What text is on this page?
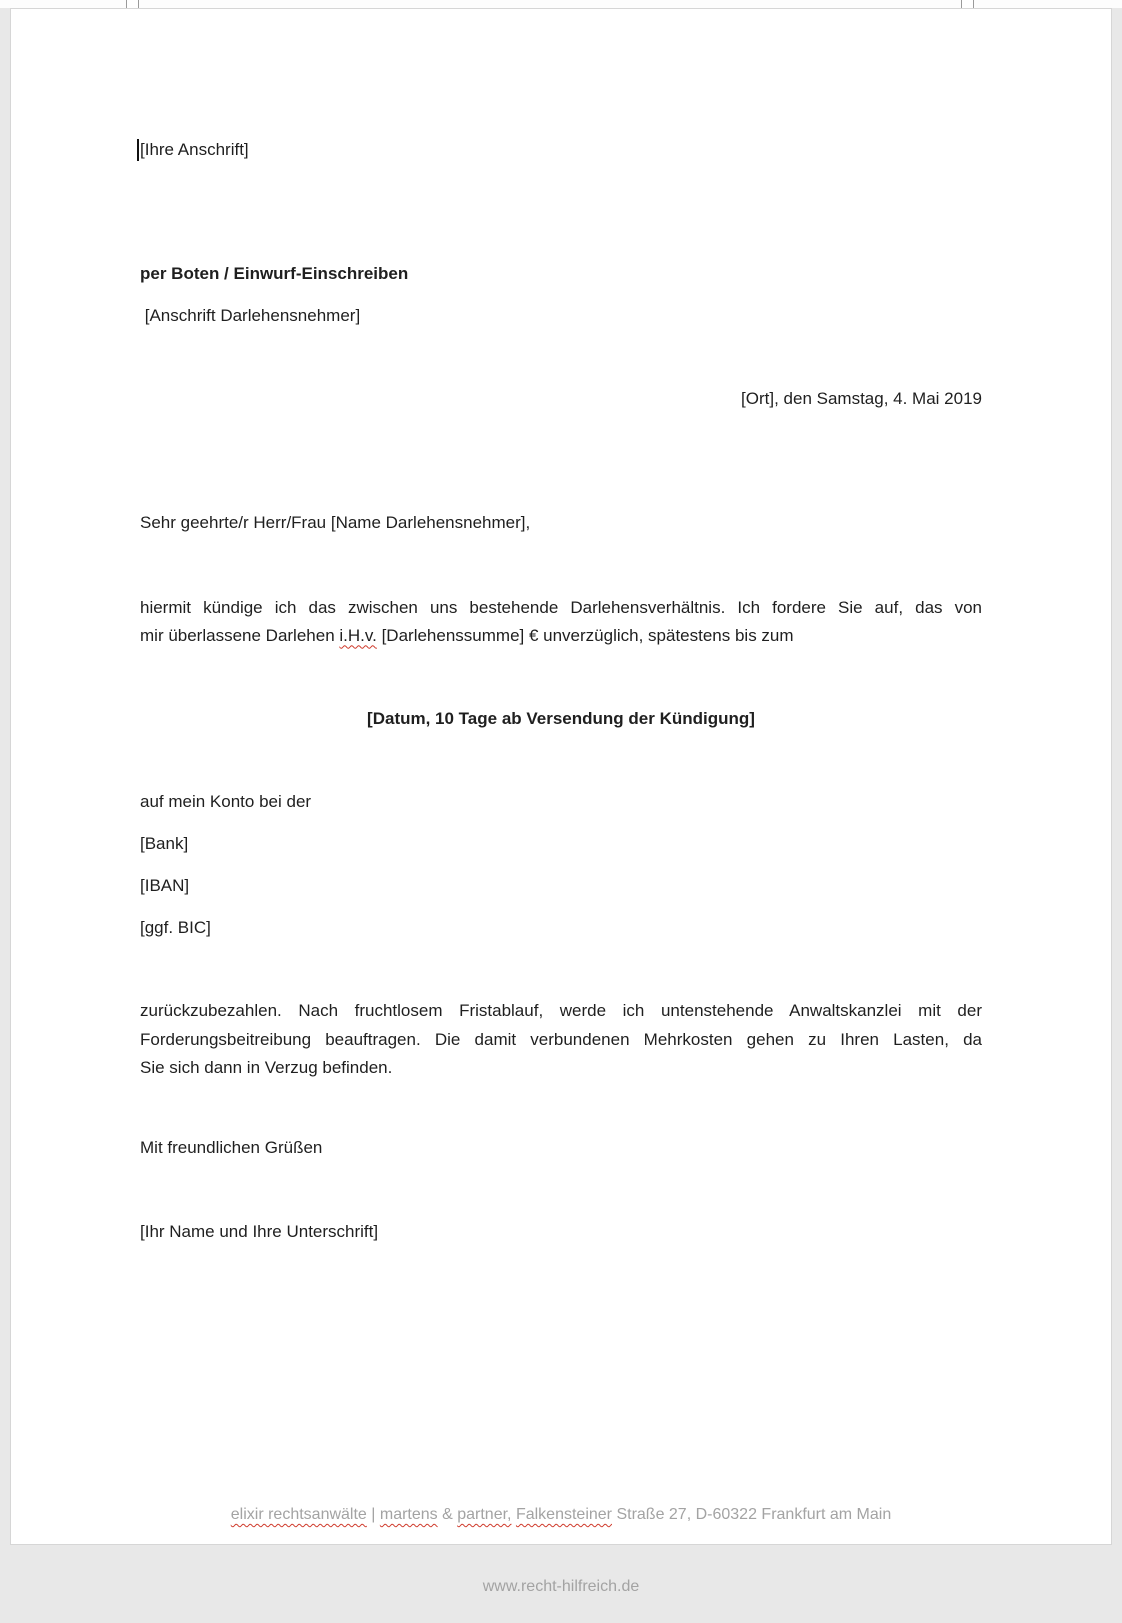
[Ihre Anschrift]
per Boten / Einwurf-Einschreiben
[Anschrift Darlehensnehmer]
[Ort], den Samstag, 4. Mai 2019
Sehr geehrte/r Herr/Frau [Name Darlehensnehmer],
hiermit kündige ich das zwischen uns bestehende Darlehensverhältnis. Ich fordere Sie auf, das von
mir überlassene Darlehen i.H.v. [Darlehenssumme] € unverzüglich, spätestens bis zum
[Datum, 10 Tage ab Versendung der Kündigung]
auf mein Konto bei der
[Bank]
[IBAN]
[ggf. BIC]
zurückzubezahlen. Nach fruchtlosem Fristablauf, werde ich untenstehende Anwaltskanzlei mit der
Forderungsbeitreibung beauftragen. Die damit verbundenen Mehrkosten gehen zu Ihren Lasten, da
Sie sich dann in Verzug befinden.
Mit freundlichen Grüßen
[Ihr Name und Ihre Unterschrift]

elixir rechtsanwälte | martens & partner, Falkensteiner Straße 27, D-60322 Frankfurt am Main

www.recht-hilfreich.de
